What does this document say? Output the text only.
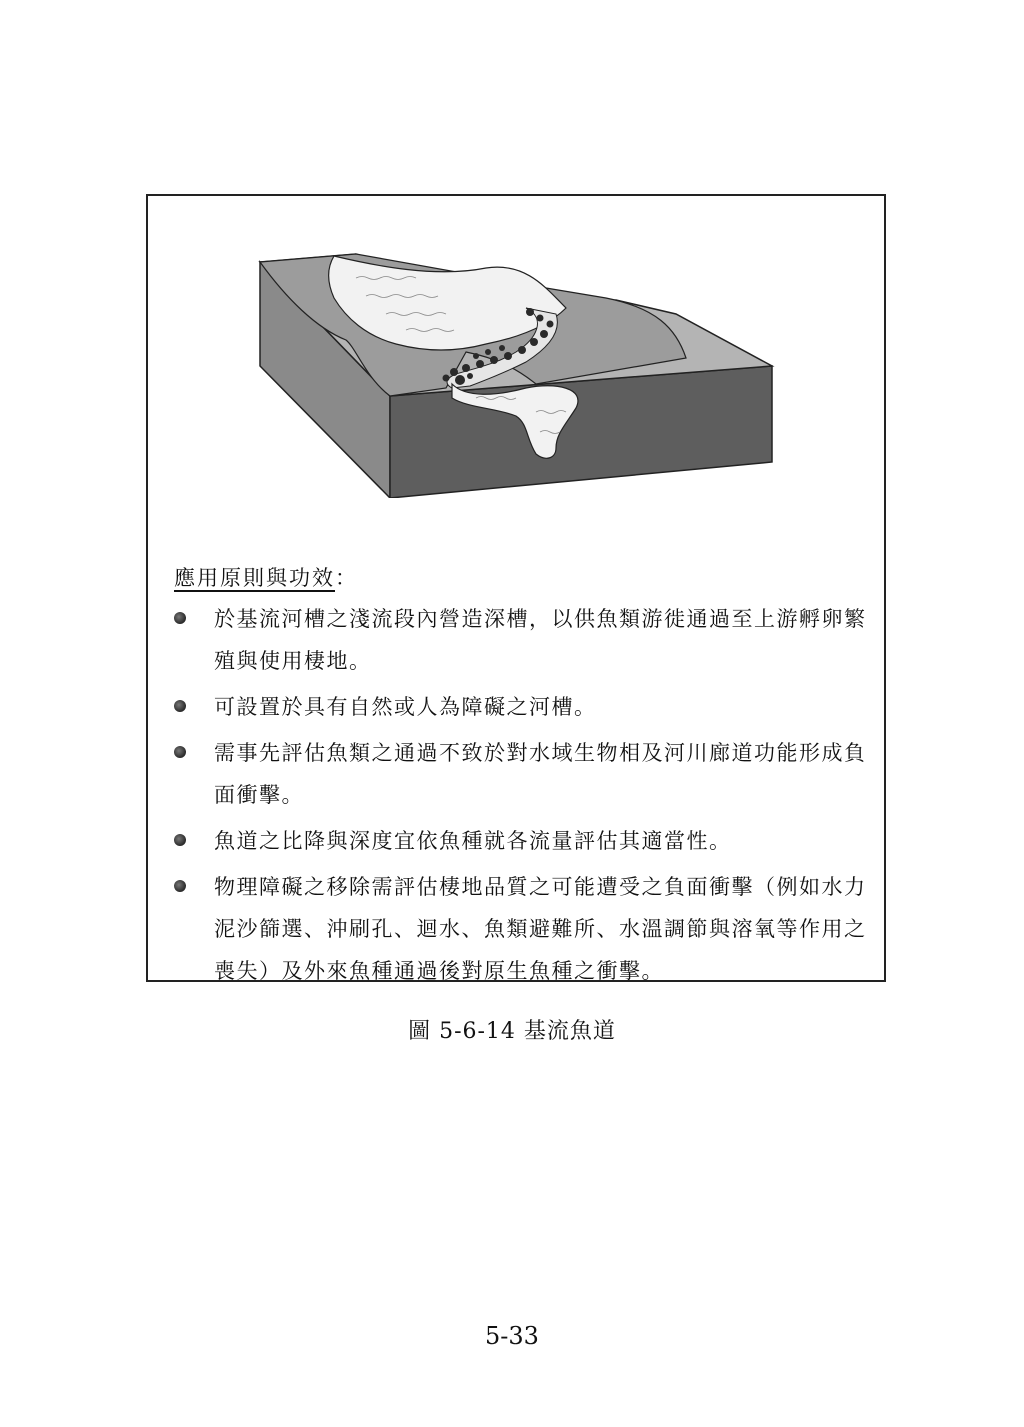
應用原則與功效：
於基流河槽之淺流段內營造深槽，以供魚類游徙通過至上游孵卵繁殖與使用棲地。
可設置於具有自然或人為障礙之河槽。
需事先評估魚類之通過不致於對水域生物相及河川廊道功能形成負面衝擊。
魚道之比降與深度宜依魚種就各流量評估其適當性。
物理障礙之移除需評估棲地品質之可能遭受之負面衝擊（例如水力泥沙篩選、沖刷孔、迴水、魚類避難所、水溫調節與溶氧等作用之喪失）及外來魚種通過後對原生魚種之衝擊。
圖 5-6-14 基流魚道
5-33
